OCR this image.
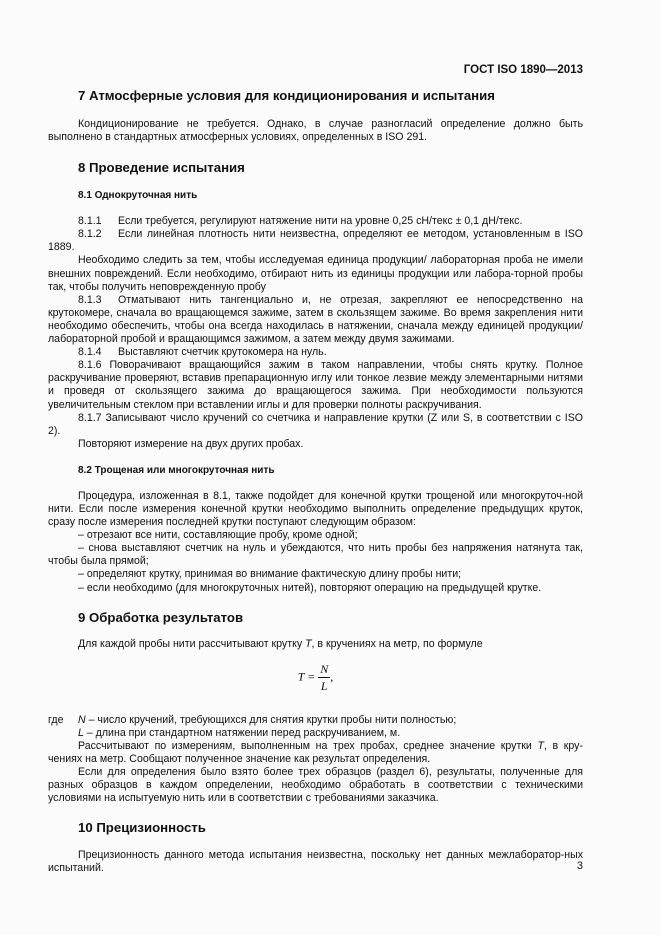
ГОСТ ISO 1890—2013
7 Атмосферные условия для кондиционирования и испытания

Кондиционирование не требуется. Однако, в случае разногласий определение должно быть выполнено в стандартных атмосферных условиях, определенных в ISO 291.

8 Проведение испытания
8.1 Однокруточная нить

8.1.1 Если требуется, регулируют натяжение нити на уровне 0,25 сН/текс ± 0,1 дН/текс.

8.1.2 Если линейная плотность нити неизвестна, определяют ее методом, установленным в ISO 1889.

Необходимо следить за тем, чтобы исследуемая единица продукции/ лабораторная проба не имели внешних повреждений. Если необходимо, отбирают нить из единицы продукции или лабора-торной пробы так, чтобы получить неповрежденную пробу

8.1.3 Отматывают нить тангенциально и, не отрезая, закрепляют ее непосредственно на крутокомере, сначала во вращающемся зажиме, затем в скользящем зажиме. Во время закрепления нити необходимо обеспечить, чтобы она всегда находилась в натяжении, сначала между единицей продукции/ лабораторной пробой и вращающимся зажимом, а затем между двумя зажимами.

8.1.4 Выставляют счетчик крутокомера на нуль.

8.1.6 Поворачивают вращающийся зажим в таком направлении, чтобы снять крутку. Полное раскручивание проверяют, вставив препарационную иглу или тонкое лезвие между элементарными нитями и проведя от скользящего зажима до вращающегося зажима. При необходимости пользуются увеличительным стеклом при вставлении иглы и для проверки полноты раскручивания.

8.1.7 Записывают число кручений со счетчика и направление крутки (Z или S, в соответствии с ISO 2).

Повторяют измерение на двух других пробах.

8.2 Трощеная или многокруточная нить

Процедура, изложенная в 8.1, также подойдет для конечной крутки трощеной или многокруточ-ной нити. Если после измерения конечной крутки необходимо выполнить определение предыдущих круток, сразу после измерения последней крутки поступают следующим образом:

– отрезают все нити, составляющие пробу, кроме одной;

– снова выставляют счетчик на нуль и убеждаются, что нить пробы без напряжения натянута так, чтобы была прямой;

– определяют крутку, принимая во внимание фактическую длину пробы нити;

– если необходимо (для многокруточных нитей), повторяют операцию на предыдущей крутке.

9 Обработка результатов

Для каждой пробы нити рассчитывают крутку T, в кручениях на метр, по формуле

$T = \frac{N}{L}$ ,
где	N – число кручений, требующихся для снятия крутки пробы нити полностью;
L – длина при стандартном натяжении перед раскручиванием, м.

Рассчитывают по измерениям, выполненным на трех пробах, среднее значение крутки T, в кру-чениях на метр. Сообщают полученное значение как результат определения.

Если для определения было взято более трех образцов (раздел 6), результаты, полученные для разных образцов в каждом определении, необходимо обработать в соответствии с техническими условиями на испытуемую нить или в соответствии с требованиями заказчика.

10 Прецизионность

Прецизионность данного метода испытания неизвестна, поскольку нет данных межлаборатор-ных испытаний.	3
